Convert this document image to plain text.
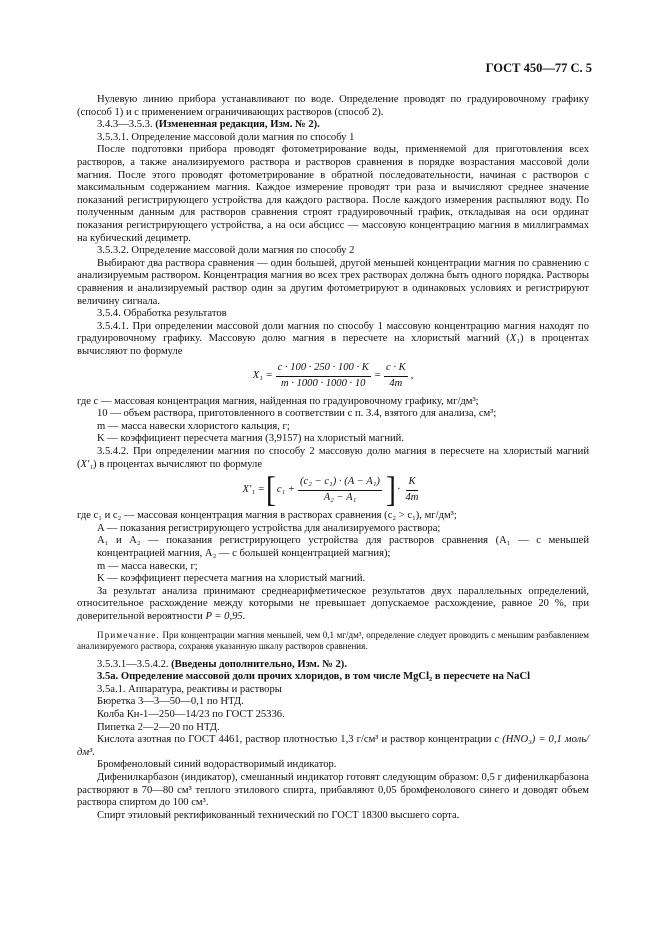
ГОСТ 450—77 С. 5

Нулевую линию прибора устанавливают по воде. Определение проводят по градуировочному графику (способ 1) и с применением ограничивающих растворов (способ 2).

3.4.3—3.5.3. (Измененная редакция, Изм. № 2).

3.5.3.1. Определение массовой доли магния по способу 1

После подготовки прибора проводят фотометрирование воды, применяемой для приготовления всех растворов, а также анализируемого раствора и растворов сравнения в порядке возрастания массовой доли магния. После этого проводят фотометрирование в обратной последовательности, начиная с растворов с максимальным содержанием магния. Каждое измерение проводят три раза и вычисляют среднее значение показаний регистрирующего устройства для каждого раствора. После каждого измерения распыляют воду. По полученным данным для растворов сравнения строят градуировочный график, откладывая на оси ординат показания регистрирующего устройства, а на оси абсцисс — массовую концентрацию магния в миллиграммах на кубический дециметр.

3.5.3.2. Определение массовой доли магния по способу 2

Выбирают два раствора сравнения — один большей, другой меньшей концентрации магния по сравнению с анализируемым раствором. Концентрация магния во всех трех растворах должна быть одного порядка. Растворы сравнения и анализируемый раствор один за другим фотометрируют в одинаковых условиях и регистрируют величину сигнала.

3.5.4. Обработка результатов

3.5.4.1. При определении массовой доли магния по способу 1 массовую концентрацию магния находят по градуировочному графику. Массовую долю магния в пересчете на хлористый магний (X₁) в процентах вычисляют по формуле

$X_1 = \frac{c \cdot 100 \cdot 250 \cdot 100 \cdot K}{m \cdot 1000 \cdot 1000 \cdot 10} = \frac{c \cdot K}{4m}$ ,

где c — массовая концентрация магния, найденная по градуировочному графику, мг/дм³;

10 — объем раствора, приготовленного в соответствии с п. 3.4, взятого для анализа, см³;

m — масса навески хлористого кальция, г;

K — коэффициент пересчета магния (3,9157) на хлористый магний.

3.5.4.2. При определении магния по способу 2 массовую долю магния в пересчете на хлористый магний (X′₁) в процентах вычисляют по формуле

X′₁ = [ $c_1 + \frac{\text{(c₂ − c₁) · (A − A₁)}}{\text{A₂ − A₁}}$ ] · $\frac{K}{4m}$

где c₁ и c₂ — массовая концентрация магния в растворах сравнения (c₂ > c₁), мг/дм³;

A — показания регистрирующего устройства для анализируемого раствора;

A₁ и A₂ — показания регистрирующего устройства для растворов сравнения (A₁ — с меньшей концентрацией магния, A₂ — с большей концентрацией магния);

m — масса навески, г;

K — коэффициент пересчета магния на хлористый магний.

За результат анализа принимают среднеарифметическое результатов двух параллельных определений, относительное расхождение между которыми не превышает допускаемое расхождение, равное 20 %, при доверительной вероятности P = 0,95.

Примечание. При концентрации магния меньшей, чем 0,1 мг/дм³, определение следует проводить с меньшим разбавлением анализируемого раствора, сохраняя указанную шкалу растворов сравнения.

3.5.3.1—3.5.4.2. (Введены дополнительно, Изм. № 2).

3.5а. Определение массовой доли прочих хлоридов, в том числе MgCl₂ в пересчете на NaCl

3.5а.1. Аппаратура, реактивы и растворы

Бюретка 3—3—50—0,1 по НТД.

Колба Кн-1—250—14/23 по ГОСТ 25336.

Пипетка 2—2—20 по НТД.

Кислота азотная по ГОСТ 4461, раствор плотностью 1,3 г/см³ и раствор концентрации c (HNO₃) = 0,1 моль/дм³.

Бромфеноловый синий водорастворимый индикатор.

Дифенилкарбазон (индикатор), смешанный индикатор готовят следующим образом: 0,5 г дифенилкарбазона растворяют в 70—80 см³ теплого этилового спирта, прибавляют 0,05 бромфенолового синего и доводят объем раствора спиртом до 100 см³.

Спирт этиловый ректификованный технический по ГОСТ 18300 высшего сорта.
